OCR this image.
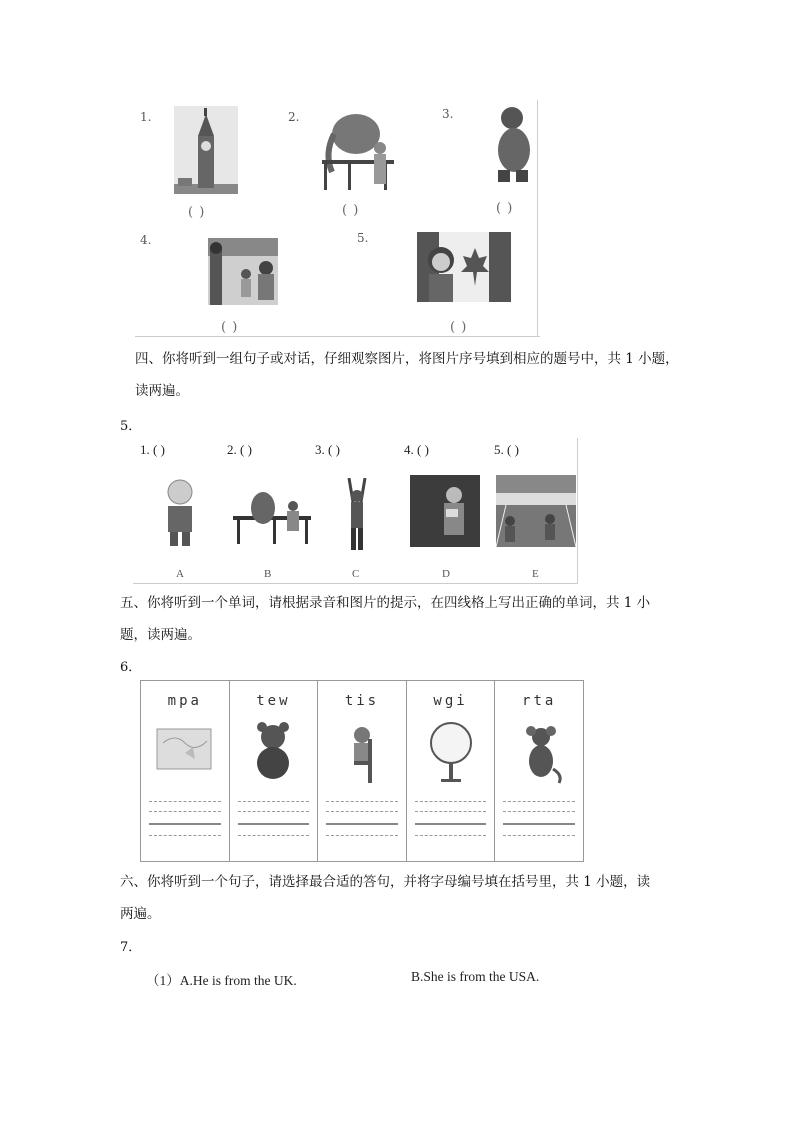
1.
( )
2.
( )
3.
( )
4.
( )
5.
( )
四、你将听到一组句子或对话，仔细观察图片，将图片序号填到相应的题号中，共 1 小题，
读两遍。
5．
1. ( )	2. ( )	3. ( )	4. ( )	5. ( )
A	B	C	D	E
五、你将听到一个单词，请根据录音和图片的提示，在四线格上写出正确的单词，共 1 小
题，读两遍。
6．
mpa	tew	tis	wgi	rta
六、你将听到一个句子，请选择最合适的答句，并将字母编号填在括号里，共 1 小题，读
两遍。
7．
（1）A.He is from the UK.	B.She is from the USA.
